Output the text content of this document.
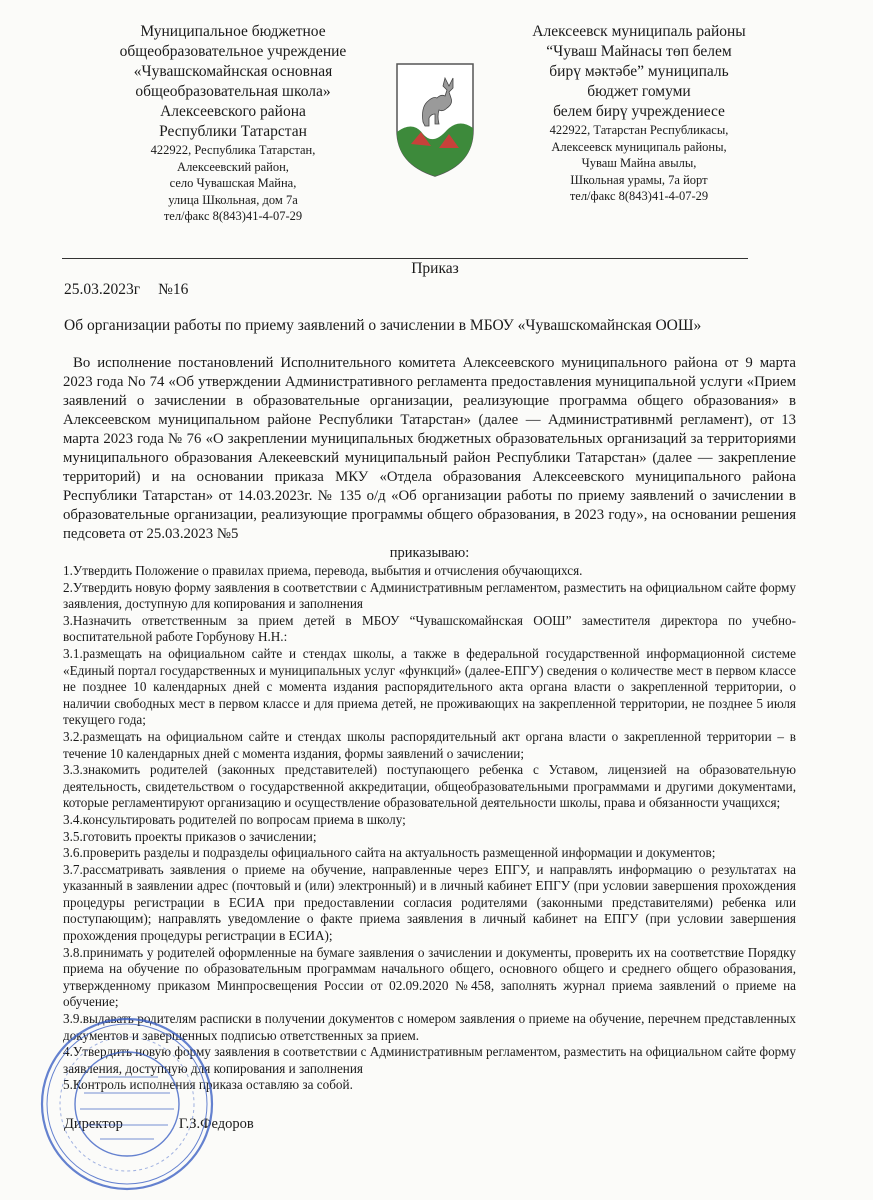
Муниципальное бюджетное
общеобразовательное учреждение
«Чувашскомайнская основная
общеобразовательная школа»
Алексеевского района
Республики Татарстан
422922, Республика Татарстан,
Алексеевский район,
село Чувашская Майна,
улица Школьная, дом 7а
тел/факс 8(843)41-4-07-29
Алексеевск муниципаль районы
“Чуваш Майнасы төп белем
бирү мәктәбе” муниципаль
бюджет гомуми
белем бирү учреждениесе
422922, Татарстан Республикасы,
Алексеевск муниципаль районы,
Чуваш Майна авылы,
Школьная урамы, 7а йорт
тел/факс 8(843)41-4-07-29
Приказ
25.03.2023г №16
Об организации работы по приему заявлений о зачислении в МБОУ «Чувашскомайнская ООШ»

Во исполнение постановлений Исполнительного комитета Алексеевского муниципального района от 9 марта 2023 года No 74 «Об утверждении Административного регламента предоставления муниципальной услуги «Прием заявлений о зачислении в образовательные организации, реализующие программа общего образования» в Алексеевском муниципальном районе Республики Татарстан» (далее — Административнмй регламент), от 13 марта 2023 года № 76 «О закреплении муниципальных бюджетных образовательных организаций за территориями муниципального образования Алекеевский муниципальный район Республики Татарстан» (далее — закрепление территорий) и на основании приказа МКУ «Отдела образования Алексеевского муниципального района Республики Татарстан» от 14.03.2023г. № 135 о/д «Об организации работы по приему заявлений о зачислении в образовательные организации, реализующие программы общего образования, в 2023 году», на основании решения педсовета от 25.03.2023 №5

приказываю:

1.Утвердить Положение о правилах приема, перевода, выбытия и отчисления обучающихся.

2.Утвердить новую форму заявления в соответствии с Административным регламентом, разместить на официальном сайте форму заявления, доступную для копирования и заполнения

3.Назначить ответственным за прием детей в МБОУ “Чувашскомайнская ООШ” заместителя директора по учебно-воспитательной работе Горбунову Н.Н.:

3.1.размещать на официальном сайте и стендах школы, а также в федеральной государственной информационной системе «Единый портал государственных и муниципальных услуг «функций» (далее-ЕПГУ) сведения о количестве мест в первом классе не позднее 10 календарных дней с момента издания распорядительного акта органа власти о закрепленной территории, о наличии свободных мест в первом классе и для приема детей, не проживающих на закрепленной территории, не позднее 5 июля текущего года;

3.2.размещать на официальном сайте и стендах школы распорядительный акт органа власти о закрепленной территории – в течение 10 календарных дней с момента издания, формы заявлений о зачислении;

3.3.знакомить родителей (законных представителей) поступающего ребенка с Уставом, лицензией на образовательную деятельность, свидетельством о государственной аккредитации, общеобразовательными программами и другими документами, которые регламентируют организацию и осуществление образовательной деятельности школы, права и обязанности учащихся;

3.4.консультировать родителей по вопросам приема в школу;

3.5.готовить проекты приказов о зачислении;

3.6.проверить разделы и подразделы официального сайта на актуальность размещенной информации и документов;

3.7.рассматривать заявления о приеме на обучение, направленные через ЕПГУ, и направлять информацию о результатах на указанный в заявлении адрес (почтовый и (или) электронный) и в личный кабинет ЕПГУ (при условии завершения прохождения процедуры регистрации в ЕСИА при предоставлении согласия родителями (законными представителями) ребенка или поступающим); направлять уведомление о факте приема заявления в личный кабинет на ЕПГУ (при условии завершения прохождения процедуры регистрации в ЕСИА);

3.8.принимать у родителей оформленные на бумаге заявления о зачислении и документы, проверить их на соответствие Порядку приема на обучение по образовательным программам начального общего, основного общего и среднего общего образования, утвержденному приказом Минпросвещения России от 02.09.2020 №458, заполнять журнал приема заявлений о приеме на обучение;

3.9.выдавать родителям расписки в получении документов с номером заявления о приеме на обучение, перечнем представленных документов и завершенных подписью ответственных за прием.

4.Утвердить новую форму заявления в соответствии с Административным регламентом, разместить на официальном сайте форму заявления, доступную для копирования и заполнения

5.Контроль исполнения приказа оставляю за собой.

Директор	Г.З.Федоров
